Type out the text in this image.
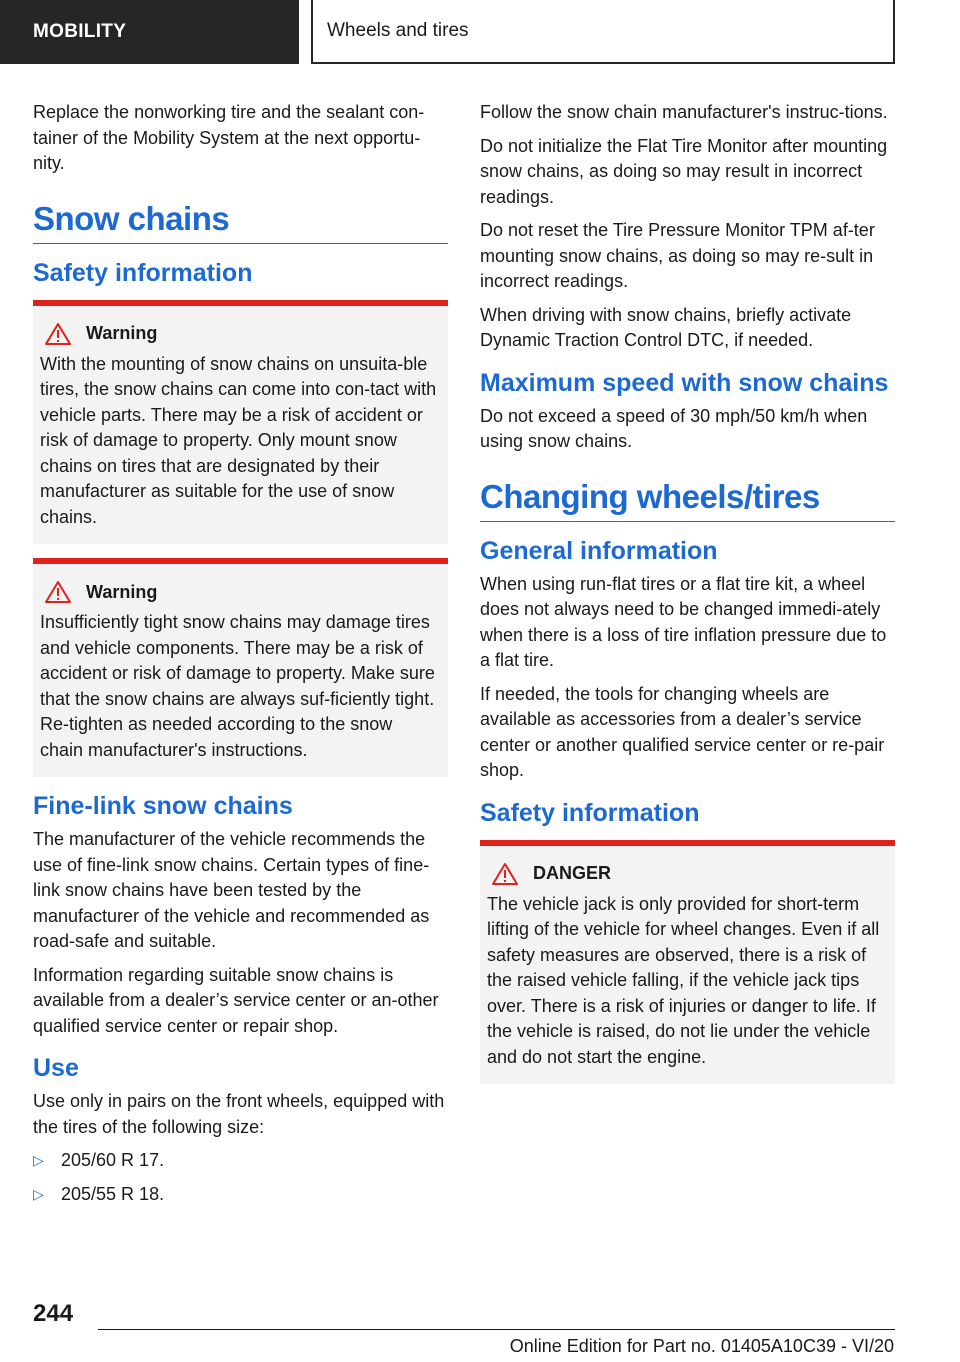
MOBILITY	Wheels and tires

Replace the nonworking tire and the sealant con-tainer of the Mobility System at the next opportu-nity.

Snow chains
Safety information
Warning

With the mounting of snow chains on unsuita-ble tires, the snow chains can come into con-tact with vehicle parts. There may be a risk of accident or risk of damage to property. Only mount snow chains on tires that are designated by their manufacturer as suitable for the use of snow chains.

Warning

Insufficiently tight snow chains may damage tires and vehicle components. There may be a risk of accident or risk of damage to property. Make sure that the snow chains are always suf-ficiently tight. Re-tighten as needed according to the snow chain manufacturer's instructions.

Fine-link snow chains

The manufacturer of the vehicle recommends the use of fine-link snow chains. Certain types of fine-link snow chains have been tested by the manufacturer of the vehicle and recommended as road-safe and suitable.

Information regarding suitable snow chains is available from a dealer’s service center or an-other qualified service center or repair shop.

Use

Use only in pairs on the front wheels, equipped with the tires of the following size:

▷ 205/60 R 17.
▷ 205/55 R 18.

Follow the snow chain manufacturer's instruc-tions.

Do not initialize the Flat Tire Monitor after mounting snow chains, as doing so may result in incorrect readings.

Do not reset the Tire Pressure Monitor TPM af-ter mounting snow chains, as doing so may re-sult in incorrect readings.

When driving with snow chains, briefly activate Dynamic Traction Control DTC, if needed.

Maximum speed with snow chains

Do not exceed a speed of 30 mph/50 km/h when using snow chains.

Changing wheels/tires
General information

When using run-flat tires or a flat tire kit, a wheel does not always need to be changed immedi-ately when there is a loss of tire inflation pressure due to a flat tire.

If needed, the tools for changing wheels are available as accessories from a dealer’s service center or another qualified service center or re-pair shop.

Safety information
DANGER

The vehicle jack is only provided for short-term lifting of the vehicle for wheel changes. Even if all safety measures are observed, there is a risk of the raised vehicle falling, if the vehicle jack tips over. There is a risk of injuries or danger to life. If the vehicle is raised, do not lie under the vehicle and do not start the engine.

244
Online Edition for Part no. 01405A10C39 - VI/20
